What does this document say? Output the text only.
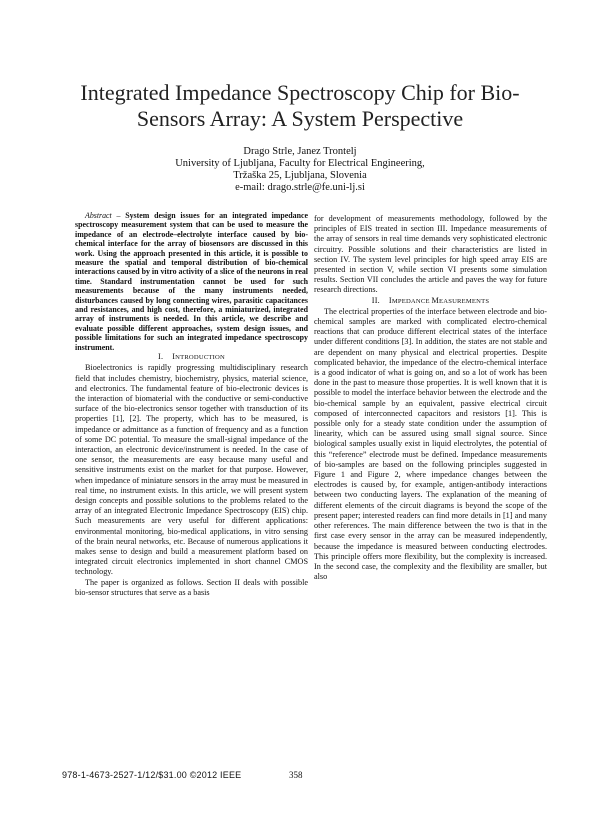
Integrated Impedance Spectroscopy Chip for Bio-
Sensors Array: A System Perspective
Drago Strle, Janez Trontelj
University of Ljubljana, Faculty for Electrical Engineering,
Tržaška 25, Ljubljana, Slovenia
e-mail: drago.strle@fe.uni-lj.si

Abstract – System design issues for an integrated impedance spectroscopy measurement system that can be used to measure the impedance of an electrode–electrolyte interface caused by bio-chemical interface for the array of biosensors are discussed in this work. Using the approach presented in this article, it is possible to measure the spatial and temporal distribution of bio-chemical interactions caused by in vitro activity of a slice of the neurons in real time. Standard instrumentation cannot be used for such measurements because of the many instruments needed, disturbances caused by long connecting wires, parasitic capacitances and resistances, and high cost, therefore, a miniaturized, integrated array of instruments is needed. In this article, we describe and evaluate possible different approaches, system design issues, and possible limitations for such an integrated impedance spectroscopy instrument.

I. INTRODUCTION

Bioelectronics is rapidly progressing multidisciplinary research field that includes chemistry, biochemistry, physics, material science, and electronics. The fundamental feature of bio-electronic devices is the interaction of biomaterial with the conductive or semi-conductive surface of the bio-electronics sensor together with transduction of its properties [1], [2]. The property, which has to be measured, is impedance or admittance as a function of frequency and as a function of some DC potential. To measure the small-signal impedance of the interaction, an electronic device/instrument is needed. In the case of one sensor, the measurements are easy because many useful and sensitive instruments exist on the market for that purpose. However, when impedance of miniature sensors in the array must be measured in real time, no instrument exists. In this article, we will present system design concepts and possible solutions to the problems related to the array of an integrated Electronic Impedance Spectroscopy (EIS) chip. Such measurements are very useful for different applications: environmental monitoring, bio-medical applications, in vitro sensing of the brain neural networks, etc. Because of numerous applications it makes sense to design and build a measurement platform based on integrated circuit electronics implemented in short channel CMOS technology.

The paper is organized as follows. Section II deals with possible bio-sensor structures that serve as a basis

for development of measurements methodology, followed by the principles of EIS treated in section III. Impedance measurements of the array of sensors in real time demands very sophisticated electronic circuitry. Possible solutions and their characteristics are listed in section IV. The system level principles for high speed array EIS are presented in section V, while section VI presents some simulation results. Section VII concludes the article and paves the way for future research directions.

II. IMPEDANCE MEASUREMENTS

The electrical properties of the interface between electrode and bio-chemical samples are marked with complicated electro-chemical reactions that can produce different electrical states of the interface under different conditions [3]. In addition, the states are not stable and are dependent on many physical and electrical properties. Despite complicated behavior, the impedance of the electro-chemical interface is a good indicator of what is going on, and so a lot of work has been done in the past to measure those properties. It is well known that it is possible to model the interface behavior between the electrode and the bio-chemical sample by an equivalent, passive electrical circuit composed of interconnected capacitors and resistors [1]. This is possible only for a steady state condition under the assumption of linearity, which can be assured using small signal source. Since biological samples usually exist in liquid electrolytes, the potential of this “reference” electrode must be defined. Impedance measurements of bio-samples are based on the following principles suggested in Figure 1 and Figure 2, where impedance changes between the electrodes is caused by, for example, antigen-antibody interactions between two conducting layers. The explanation of the meaning of different elements of the circuit diagrams is beyond the scope of the present paper; interested readers can find more details in [1] and many other references. The main difference between the two is that in the first case every sensor in the array can be measured independently, because the impedance is measured between conducting electrodes. This principle offers more flexibility, but the complexity is increased. In the second case, the complexity and the flexibility are smaller, but also

978-1-4673-2527-1/12/$31.00 ©2012 IEEE	358
